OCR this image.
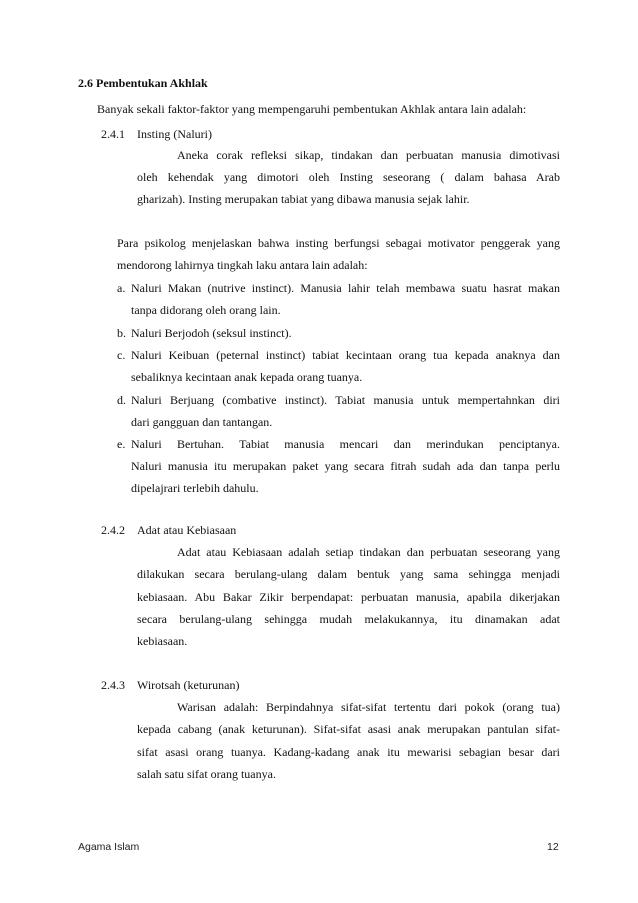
2.6 Pembentukan Akhlak
Banyak sekali faktor-faktor yang mempengaruhi pembentukan Akhlak antara lain adalah:
2.4.1 Insting (Naluri)
Aneka corak refleksi sikap, tindakan dan perbuatan manusia dimotivasi
oleh kehendak yang dimotori oleh Insting seseorang ( dalam bahasa Arab
gharizah). Insting merupakan tabiat yang dibawa manusia sejak lahir.
Para psikolog menjelaskan bahwa insting berfungsi sebagai motivator penggerak yang
mendorong lahirnya tingkah laku antara lain adalah:
a. Naluri Makan (nutrive instinct). Manusia lahir telah membawa suatu hasrat makan
tanpa didorang oleh orang lain.
b. Naluri Berjodoh (seksul instinct).
c. Naluri Keibuan (peternal instinct) tabiat kecintaan orang tua kepada anaknya dan
sebaliknya kecintaan anak kepada orang tuanya.
d. Naluri Berjuang (combative instinct). Tabiat manusia untuk mempertahnkan diri
dari gangguan dan tantangan.
e. Naluri Bertuhan. Tabiat manusia mencari dan merindukan penciptanya.
Naluri manusia itu merupakan paket yang secara fitrah sudah ada dan tanpa perlu
dipelajrari terlebih dahulu.
2.4.2 Adat atau Kebiasaan
Adat atau Kebiasaan adalah setiap tindakan dan perbuatan seseorang yang
dilakukan secara berulang-ulang dalam bentuk yang sama sehingga menjadi
kebiasaan. Abu Bakar Zikir berpendapat: perbuatan manusia, apabila dikerjakan
secara berulang-ulang sehingga mudah melakukannya, itu dinamakan adat
kebiasaan.
2.4.3 Wirotsah (keturunan)
Warisan adalah: Berpindahnya sifat-sifat tertentu dari pokok (orang tua)
kepada cabang (anak keturunan). Sifat-sifat asasi anak merupakan pantulan sifat-
sifat asasi orang tuanya. Kadang-kadang anak itu mewarisi sebagian besar dari
salah satu sifat orang tuanya.
Agama Islam	12
